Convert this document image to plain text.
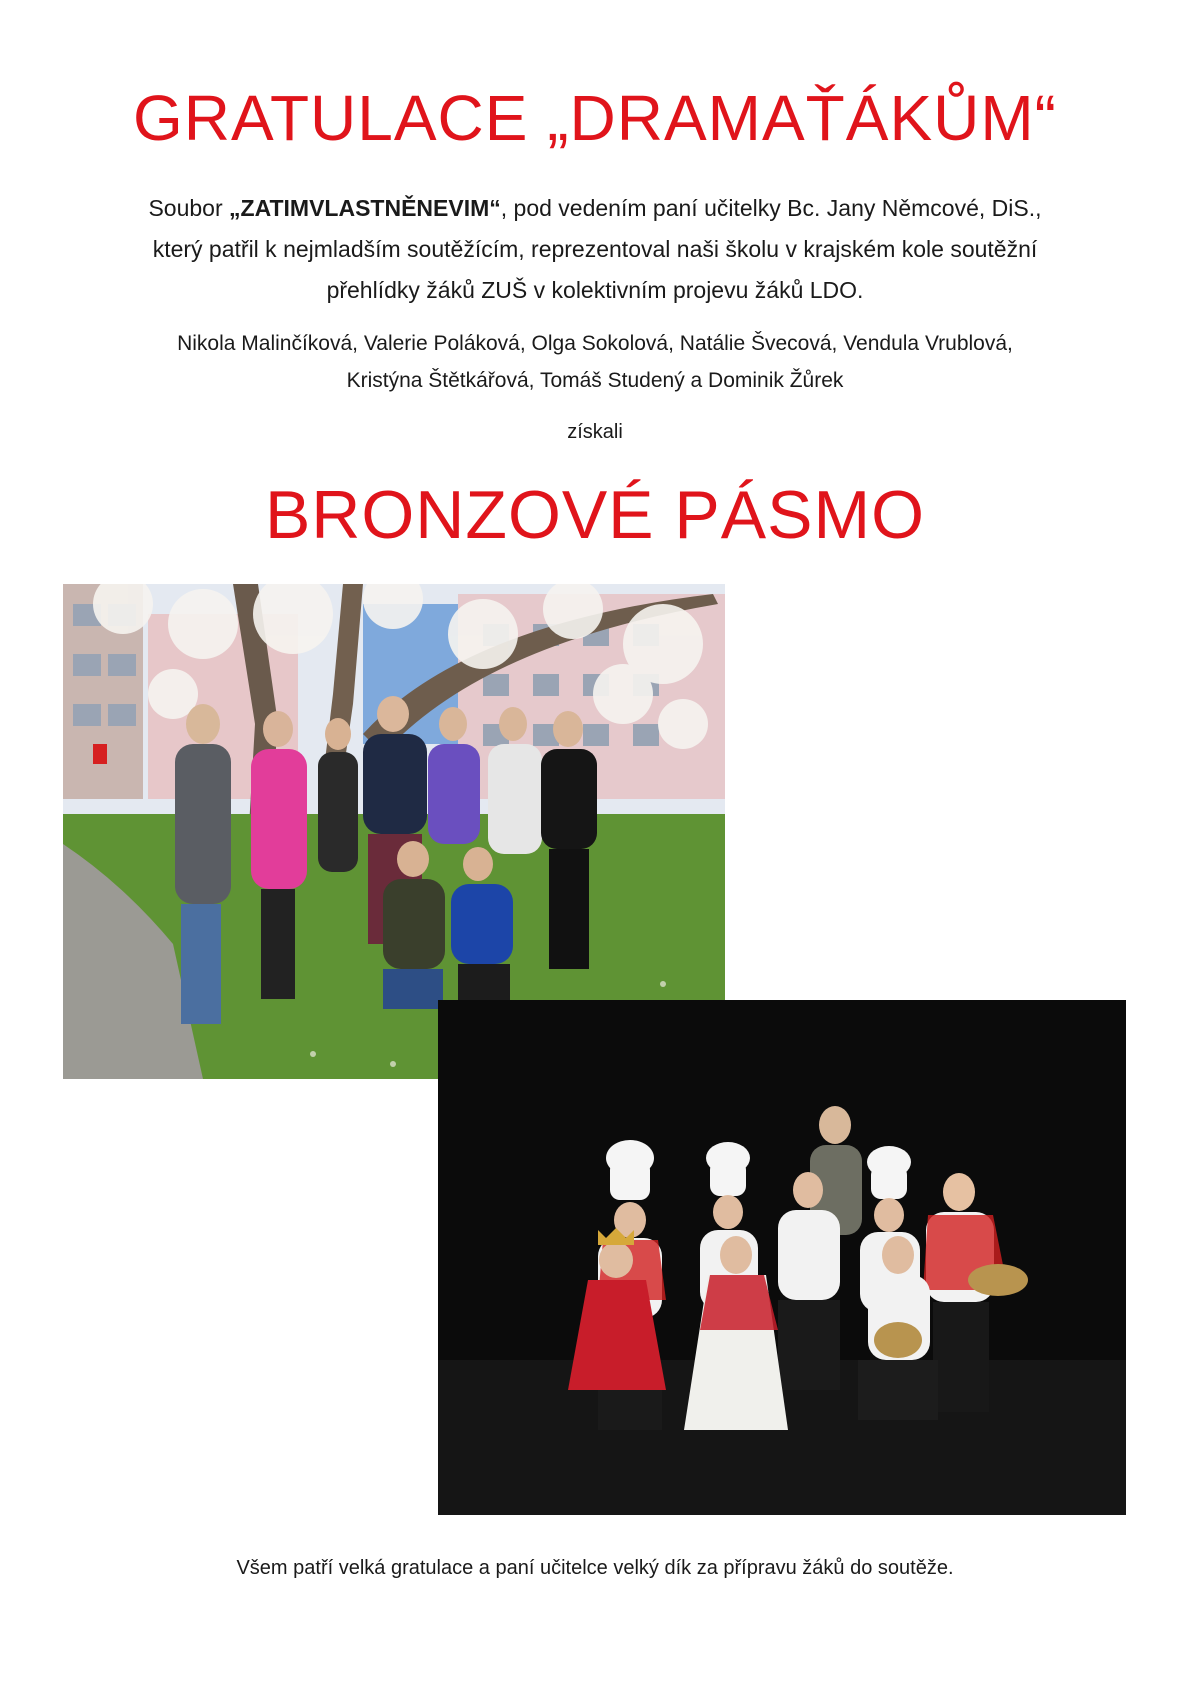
GRATULACE „DRAMAŤÁKŮM“

Soubor „ZATIMVLASTNĚNEVIM“, pod vedením paní učitelky Bc. Jany Němcové, DiS.,
který patřil k nejmladším soutěžícím, reprezentoval naši školu v krajském kole soutěžní
přehlídky žáků ZUŠ v kolektivním projevu žáků LDO.

Nikola Malinčíková, Valerie Poláková, Olga Sokolová, Natálie Švecová, Vendula Vrublová,
Kristýna Štětkářová, Tomáš Studený a Dominik Žůrek

získali

BRONZOVÉ PÁSMO

Všem patří velká gratulace a paní učitelce velký dík za přípravu žáků do soutěže.
